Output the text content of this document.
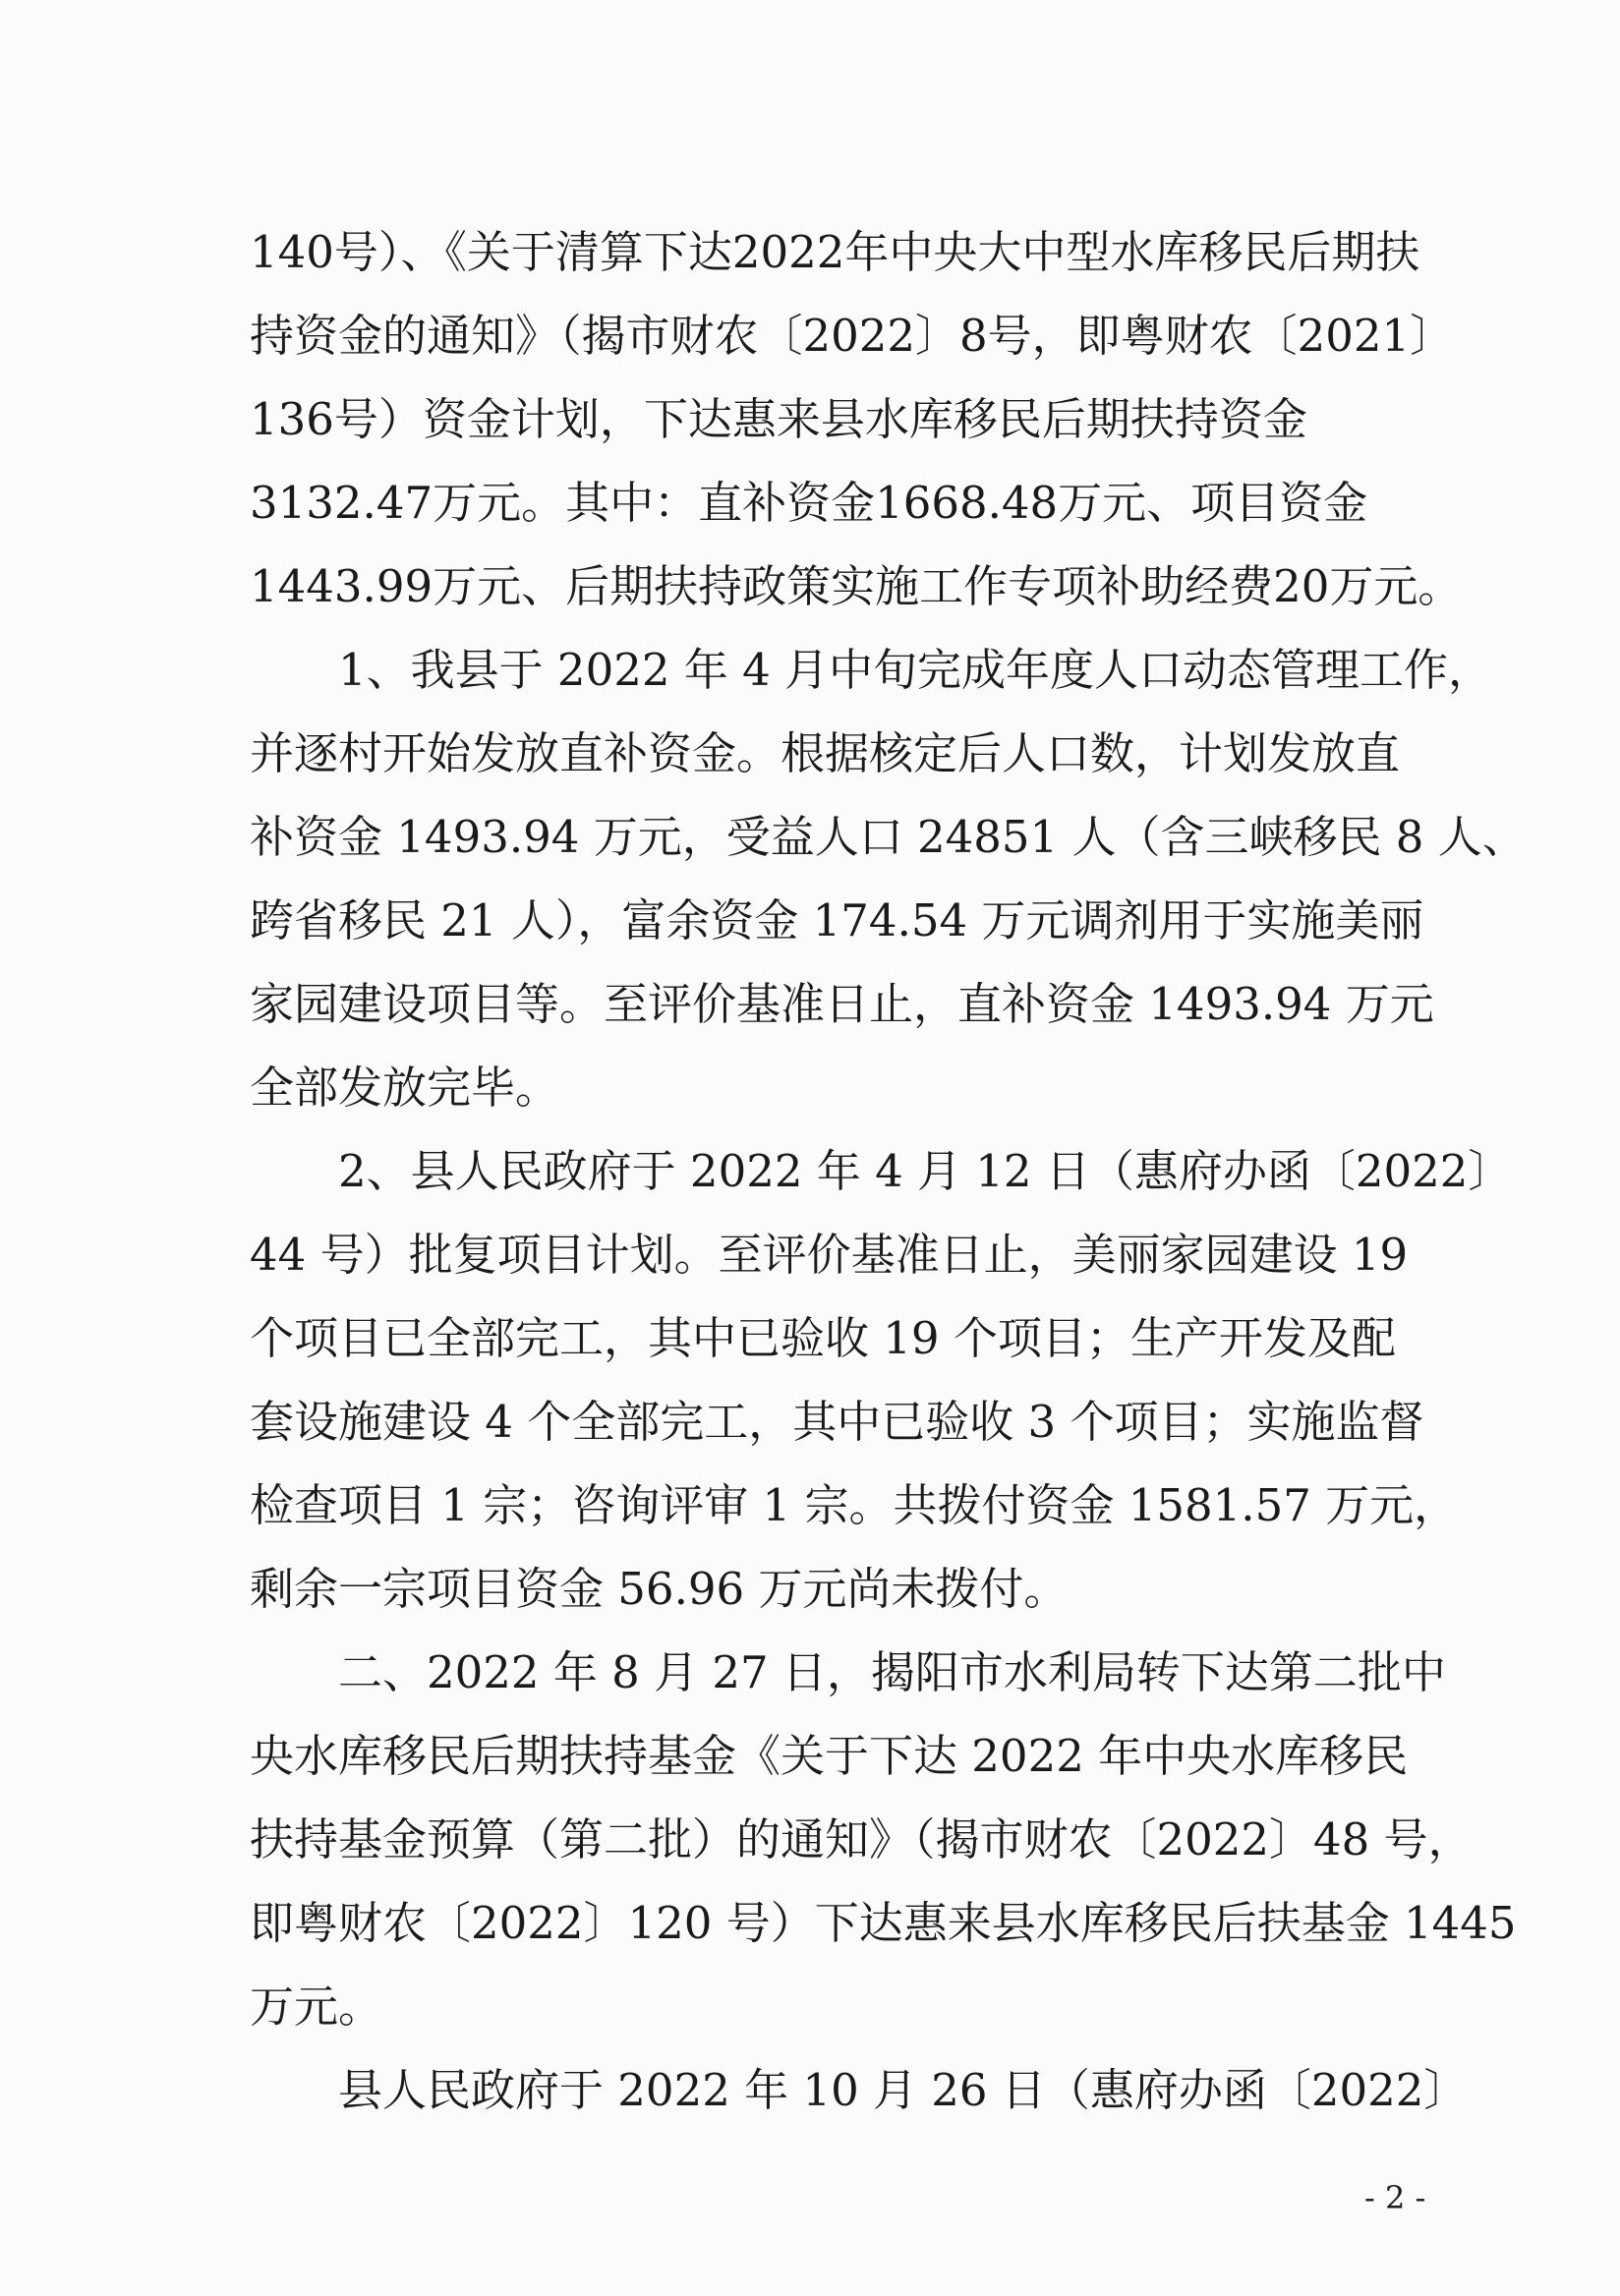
140号）、《关于清算下达2022年中央大中型水库移民后期扶
持资金的通知》（揭市财农〔2022〕8号，即粤财农〔2021〕
136号）资金计划，下达惠来县水库移民后期扶持资金
3132.47万元。其中：直补资金1668.48万元、项目资金
1443.99万元、后期扶持政策实施工作专项补助经费20万元。
1、我县于 2022 年 4 月中旬完成年度人口动态管理工作，
并逐村开始发放直补资金。根据核定后人口数，计划发放直
补资金 1493.94 万元，受益人口 24851 人（含三峡移民 8 人、
跨省移民 21 人），富余资金 174.54 万元调剂用于实施美丽
家园建设项目等。至评价基准日止，直补资金 1493.94 万元
全部发放完毕。
2、县人民政府于 2022 年 4 月 12 日（惠府办函〔2022〕
44 号）批复项目计划。至评价基准日止，美丽家园建设 19
个项目已全部完工，其中已验收 19 个项目；生产开发及配
套设施建设 4 个全部完工，其中已验收 3 个项目；实施监督
检查项目 1 宗；咨询评审 1 宗。共拨付资金 1581.57 万元，
剩余一宗项目资金 56.96 万元尚未拨付。
二、2022 年 8 月 27 日，揭阳市水利局转下达第二批中
央水库移民后期扶持基金《关于下达 2022 年中央水库移民
扶持基金预算（第二批）的通知》（揭市财农〔2022〕48 号，
即粤财农〔2022〕120 号）下达惠来县水库移民后扶基金 1445
万元。
县人民政府于 2022 年 10 月 26 日（惠府办函〔2022〕
- 2 -
